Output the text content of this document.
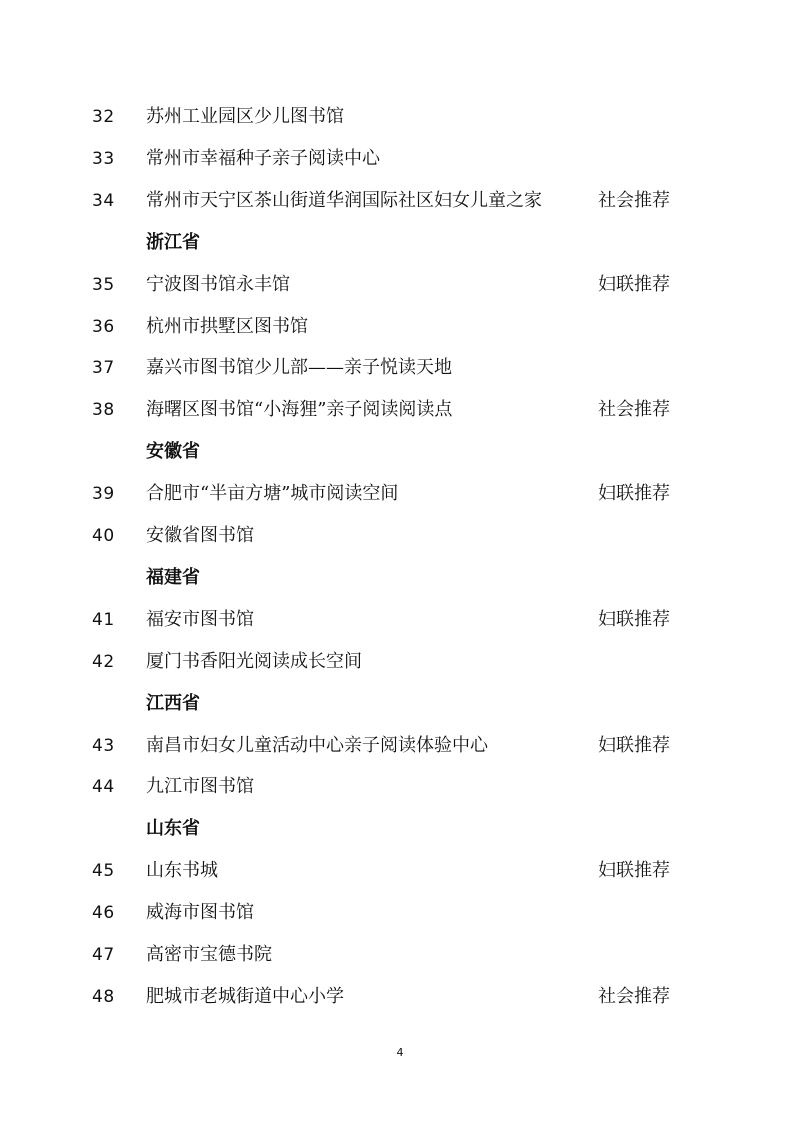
32	苏州工业园区少儿图书馆
33	常州市幸福种子亲子阅读中心
34	常州市天宁区茶山街道华润国际社区妇女儿童之家	社会推荐
浙江省
35	宁波图书馆永丰馆	妇联推荐
36	杭州市拱墅区图书馆
37	嘉兴市图书馆少儿部——亲子悦读天地
38	海曙区图书馆“小海狸”亲子阅读阅读点	社会推荐
安徽省
39	合肥市“半亩方塘”城市阅读空间	妇联推荐
40	安徽省图书馆
福建省
41	福安市图书馆	妇联推荐
42	厦门书香阳光阅读成长空间
江西省
43	南昌市妇女儿童活动中心亲子阅读体验中心	妇联推荐
44	九江市图书馆
山东省
45	山东书城	妇联推荐
46	威海市图书馆
47	高密市宝德书院
48	肥城市老城街道中心小学	社会推荐
4
